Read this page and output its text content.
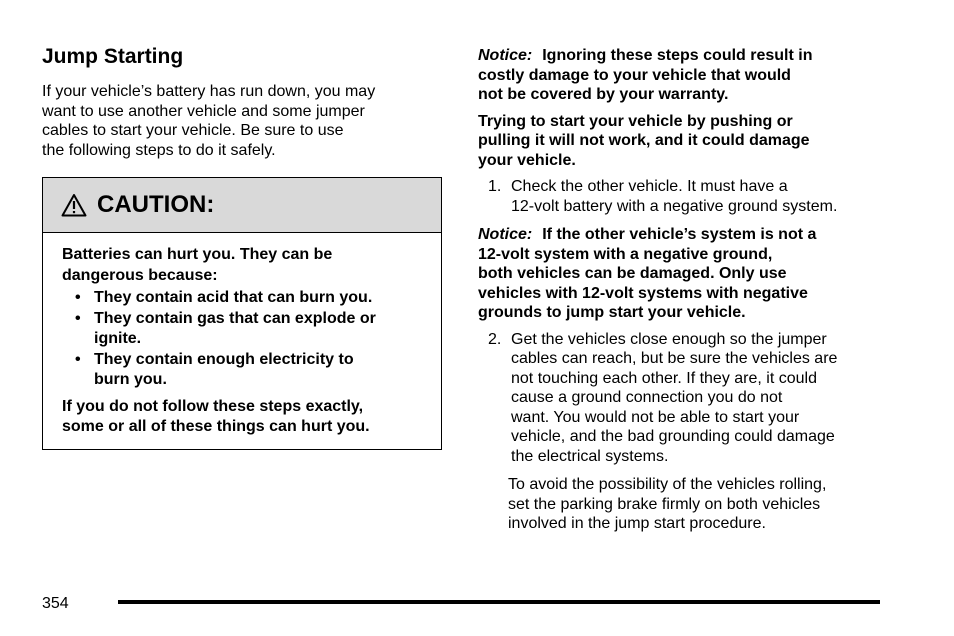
Jump Starting
If your vehicle’s battery has run down, you may
want to use another vehicle and some jumper
cables to start your vehicle. Be sure to use
the following steps to do it safely.
CAUTION:
Batteries can hurt you. They can be
dangerous because:
• They contain acid that can burn you.
• They contain gas that can explode or
ignite.
• They contain enough electricity to
burn you.
If you do not follow these steps exactly,
some or all of these things can hurt you.
Notice: Ignoring these steps could result in
costly damage to your vehicle that would
not be covered by your warranty.
Trying to start your vehicle by pushing or
pulling it will not work, and it could damage
your vehicle.
1. Check the other vehicle. It must have a
12-volt battery with a negative ground system.
Notice: If the other vehicle’s system is not a
12-volt system with a negative ground,
both vehicles can be damaged. Only use
vehicles with 12-volt systems with negative
grounds to jump start your vehicle.
2. Get the vehicles close enough so the jumper
cables can reach, but be sure the vehicles are
not touching each other. If they are, it could
cause a ground connection you do not
want. You would not be able to start your
vehicle, and the bad grounding could damage
the electrical systems.
To avoid the possibility of the vehicles rolling,
set the parking brake firmly on both vehicles
involved in the jump start procedure.
354
